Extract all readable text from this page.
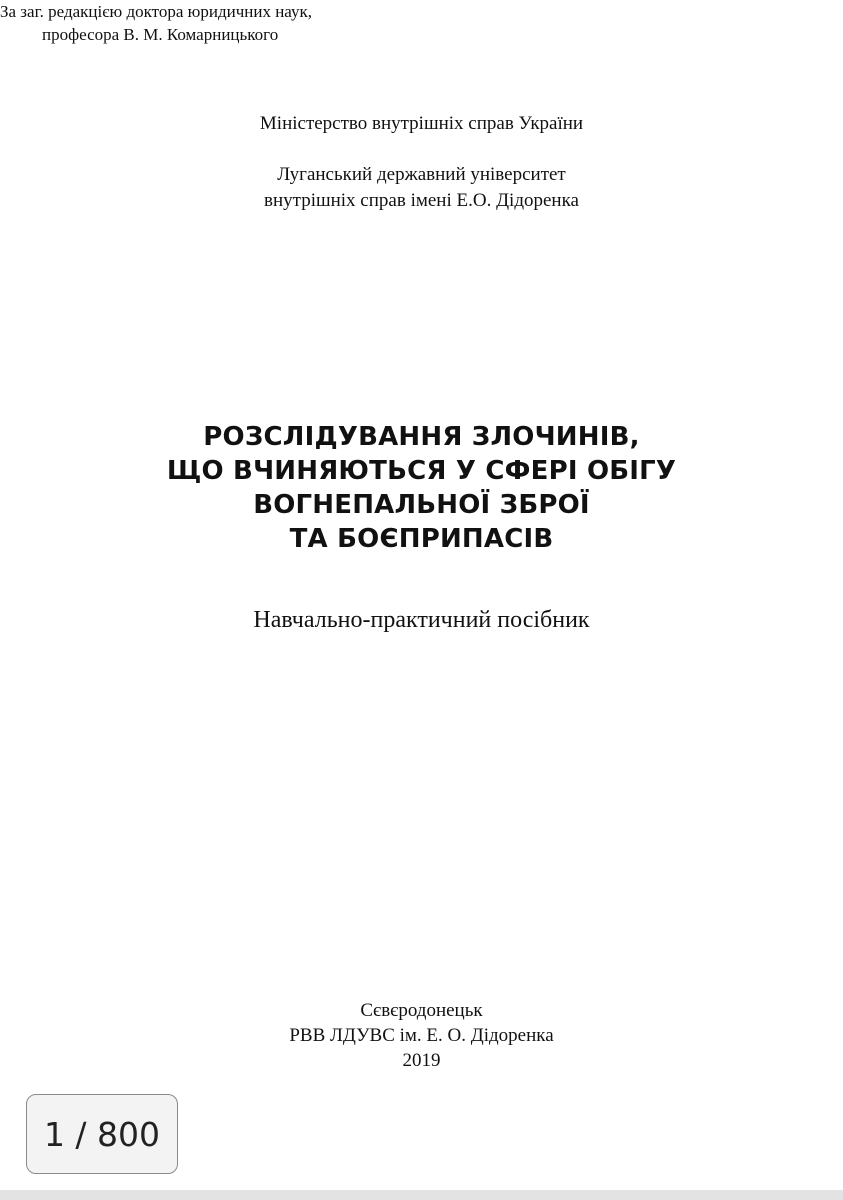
Міністерство внутрішніх справ України
Луганський державний університет
внутрішніх справ імені Е.О. Дідоренка
РОЗСЛІДУВАННЯ ЗЛОЧИНІВ,
ЩО ВЧИНЯЮТЬСЯ У СФЕРІ ОБІГУ
ВОГНЕПАЛЬНОЇ ЗБРОЇ
ТА БОЄПРИПАСІВ
Навчально-практичний посібник
За заг. редакцією доктора юридичних наук,
професора В. М. Комарницького
Сєвєродонецьк
РВВ ЛДУВС ім. Е. О. Дідоренка
2019
1 / 800
